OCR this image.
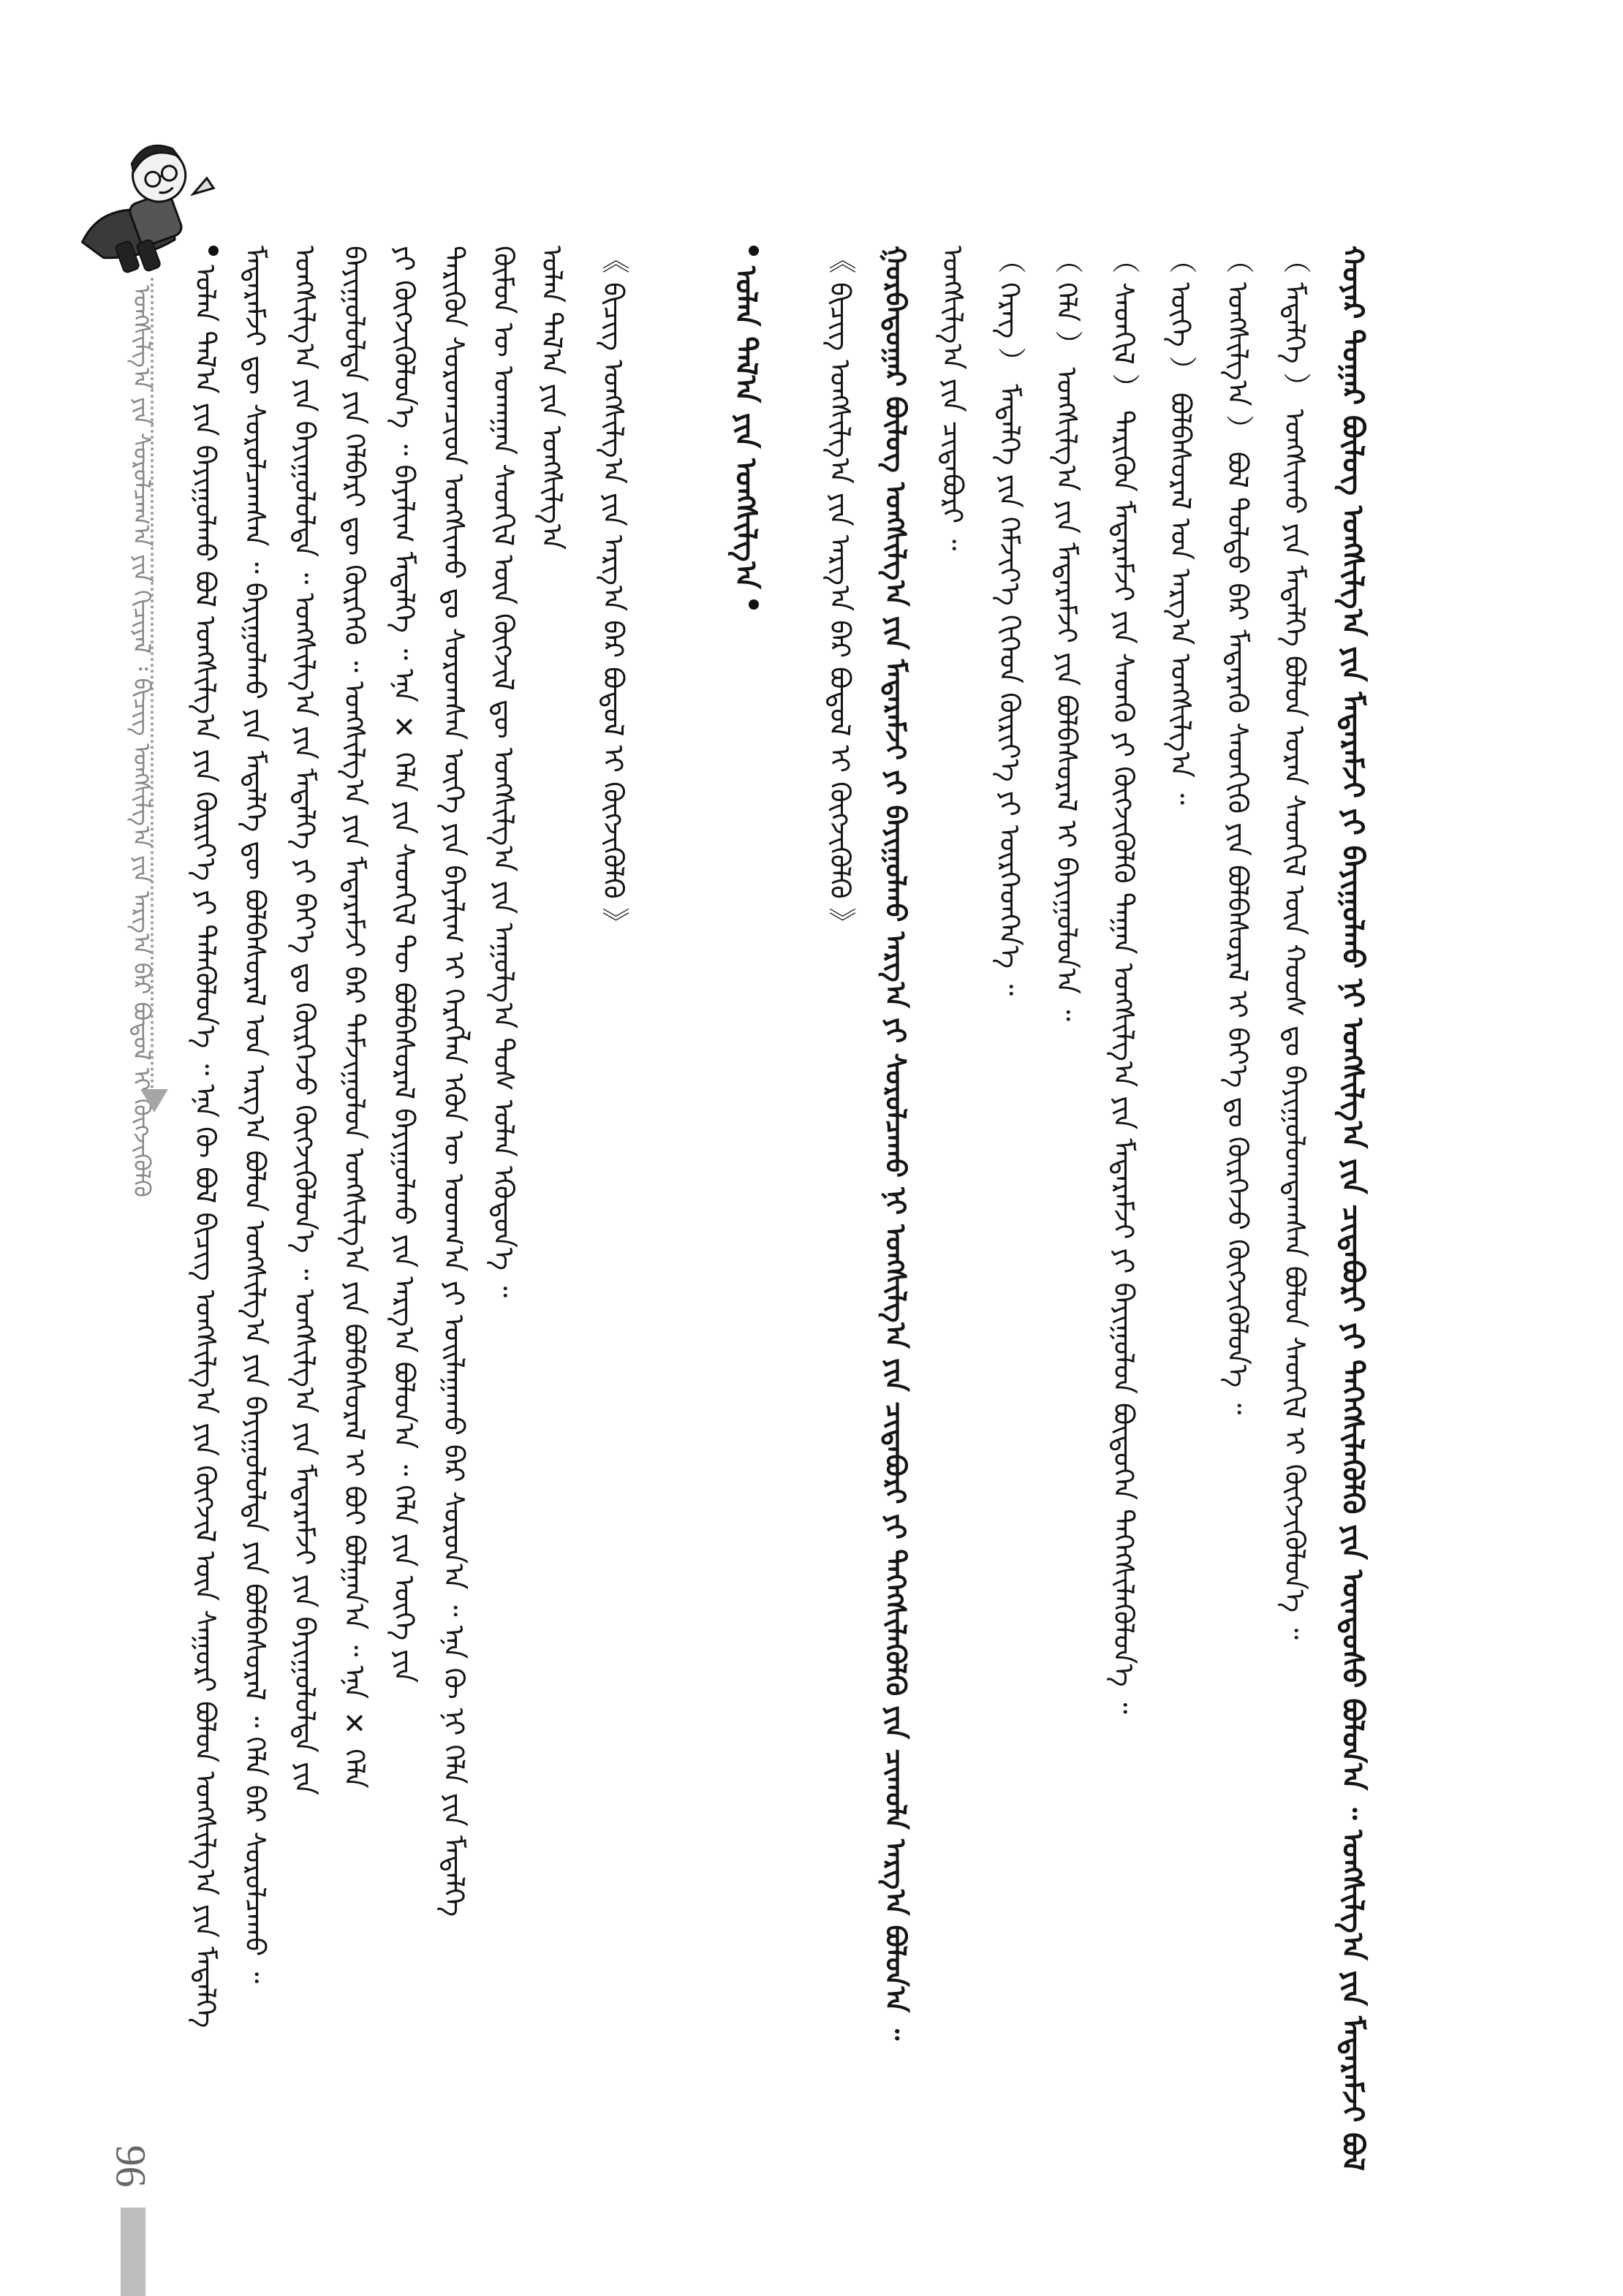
ᠤᠩᠰᠢᠯᠭ᠎ᠠ ᠶᠢᠨ ᠰᠤᠷᠤᠯᠴᠠᠭ᠎ᠠ ᠶᠢᠨ ᠬᠢᠴᠢᠶᠡᠯ ᠄ ᠪᠢᠴᠢᠭ ᠤᠩᠰᠢᠯᠭ᠎ᠠ ᠶᠢᠨ ᠠᠷᠭ᠎ᠠ ᠪᠠᠷ ᠪᠤᠳᠤᠯ ᠢ ᠬᠥᠭᠵᠢᠭᠦᠯᠬᠦ ᠣᠯᠠᠨ ᠲᠠᠯ᠎ᠠ ᠶᠢᠨ ᠪᠠᠶᠢᠭᠤᠯᠬᠤ ᠪᠣᠯ ᠤᠩᠰᠢᠯᠭ᠎ᠠ ᠶᠢᠨ ᠬᠦᠷᠢᠶ᠎ᠡ ᠶᠢ ᠲᠡᠯᠡᠭᠦᠯᠦᠨ᠎ᠡ ᠃ ᠡᠨᠡ ᠬᠦ ᠪᠣᠯ ᠪᠢᠴᠢᠭ ᠤᠩᠰᠢᠯᠭ᠎ᠠ ᠶᠢᠨ ᠬᠥᠭᠵᠢᠯ ᠦᠨ ᠰᠠᠭᠤᠷᠢ ᠪᠣᠯᠤᠨ ᠤᠩᠰᠢᠯᠭ᠎ᠠ ᠶᠢᠨ ᠮᠡᠳᠡᠯᠭᠡ ᠮᠡᠳᠡᠷᠡᠮᠵᠢ ᠳᠦ ᠰᠤᠷᠤᠯᠴᠠᠭᠰᠠᠨ ᠃ ᠪᠠᠶᠢᠭᠤᠯᠬᠤ ᠶᠢᠨ ᠮᠡᠳᠡᠯᠭᠡ ᠳᠦ ᠪᠣᠯᠪᠠᠰᠤᠷᠠᠯ ᠤᠨ ᠠᠷᠭ᠎ᠠ ᠪᠣᠯᠤᠨ ᠤᠩᠰᠢᠯᠭ᠎ᠠ ᠶᠢᠨ ᠪᠠᠶᠢᠭᠤᠯᠤᠯᠲᠠ ᠶᠢᠨ ᠪᠣᠯᠪᠠᠰᠤᠷᠠᠯ ᠃ ᠬᠡᠯᠡ ᠪᠡᠷ ᠰᠤᠷᠤᠯᠴᠠᠬᠤ ᠃ ᠤᠩᠰᠢᠯᠭ᠎ᠠ ᠶᠢᠨ ᠪᠠᠶᠢᠭᠤᠯᠤᠯᠲᠠ ᠃ ᠤᠩᠰᠢᠯᠭ᠎ᠠ ᠶᠢᠨ ᠮᠡᠳᠡᠯᠭᠡ ᠶᠢ ᠪᠡᠶ᠎ᠡ ᠳᠤ ᠬᠦᠷᠭᠡᠵᠦ ᠬᠥᠭᠵᠢᠭᠦᠯᠦᠨ᠎ᠡ ᠃ ᠤᠩᠰᠢᠯᠭ᠎ᠠ ᠶᠢᠨ ᠮᠡᠳᠡᠷᠡᠮᠵᠢ ᠶᠢᠨ ᠪᠠᠶᠢᠭᠤᠯᠤᠯᠲᠠ ᠶᠢᠨ ᠪᠠᠶᠢᠭᠤᠯᠤᠯᠲᠠ ᠶᠢᠨ ᠬᠡᠯᠪᠡᠷᠢ ᠳᠦ ᠬᠦᠷᠭᠡᠬᠦ ᠃ ᠤᠩᠰᠢᠯᠭ᠎ᠠ ᠶᠢᠨ ᠮᠡᠳᠡᠷᠡᠮᠵᠢ ᠪᠡᠷ ᠳᠠᠮᠵᠢᠭᠤᠯᠤᠨ ᠤᠩᠰᠢᠯᠭ᠎ᠠ ᠶᠢᠨ ᠪᠣᠯᠪᠠᠰᠤᠷᠠᠯ ᠢ ᠪᠤᠢ ᠪᠣᠯᠭᠠᠨ᠎ᠠ ᠃ ᠡᠨᠡ ✕ ᠬᠡᠯᠡ ᠶᠢ ᠬᠥᠭᠵᠢᠭᠦᠯᠦᠨ᠎ᠡ ᠃ ᠪᠠᠶᠠᠯᠢᠭ ᠮᠡᠳᠡᠯᠭᠡ ᠃ ᠡᠨᠡ ✕ ᠬᠡᠯᠡ ᠶᠢᠨ ᠰᠡᠳᠭᠢᠯ ᠲᠦ ᠪᠣᠯᠪᠠᠰᠤᠷᠠᠯ ᠪᠠᠶᠢᠭᠤᠯᠬᠤ ᠶᠢᠨ ᠠᠷᠭ᠎ᠠ ᠪᠣᠯᠤᠨ᠎ᠠ ᠃ ᠬᠡᠯᠡ ᠶᠢᠨ ᠦᠭᠡ ᠶᠢᠨ ᠲᠡᠷᠢᠭᠦᠨ ᠰᠤᠷᠤᠭᠴᠢᠳ ᠤᠩᠰᠢᠬᠤ ᠳᠤ ᠰᠤᠷᠤᠭᠰᠠᠨ ᠦᠭᠡ ᠶᠢᠨ ᠪᠠᠶᠠᠯᠢᠭ ᠢ ᠬᠡᠷᠡᠭᠯᠡᠨ ᠡᠭᠦᠨ ᠦ ᠤᠳᠬ᠎ᠠ ᠶᠢ ᠣᠢᠯᠠᠭᠠᠬᠤ ᠪᠠᠷ ᠰᠤᠷᠤᠨ᠎ᠠ ᠃ ᠡᠨᠡ ᠬᠦ ᠨᠢ ᠬᠡᠯᠡ ᠶᠢᠨ ᠮᠡᠳᠡᠯᠭᠡ ᠬᠦᠮᠦᠨ ᠦ ᠤᠬᠠᠭᠠᠨ ᠰᠡᠳᠭᠢᠯ ᠦᠨ ᠬᠥᠭᠵᠢᠯ ᠳᠦ ᠤᠩᠰᠢᠯᠭ᠎ᠠ ᠶᠢᠨ ᠠᠭᠤᠯᠭ᠎ᠠ ᠲᠤᠰ ᠤᠯᠠᠨ ᠡᠭᠦᠳᠦᠨ᠎ᠡ ᠃ ᠣᠯᠠᠨ ᠲᠠᠯ᠎ᠠ ᠶᠢᠨ ᠤᠩᠰᠢᠯᠭ᠎ᠠ 《 ᠪᠢᠴᠢᠭ ᠤᠩᠰᠢᠯᠭ᠎ᠠ ᠶᠢᠨ ᠠᠷᠭ᠎ᠠ ᠪᠠᠷ ᠪᠤᠳᠤᠯ ᠢ ᠬᠥᠭᠵᠢᠭᠦᠯᠬᠦ 》	ᠣᠯᠠᠨ ᠲᠠᠯ᠎ᠠ ᠶᠢᠨ ᠤᠩᠰᠢᠯᠭ᠎ᠠ 《 ᠪᠢᠴᠢᠭ ᠤᠩᠰᠢᠯᠭ᠎ᠠ ᠶᠢᠨ ᠠᠷᠭ᠎ᠠ ᠪᠠᠷ ᠪᠤᠳᠤᠯ ᠢ ᠬᠥᠭᠵᠢᠭᠦᠯᠬᠦ 》 ᠭᠤᠷᠪᠠᠳᠤᠭᠠᠷ ᠪᠦᠯᠦᠭ ᠤᠩᠰᠢᠯᠭ᠎ᠠ ᠶᠢᠨ ᠮᠡᠳᠡᠷᠡᠮᠵᠢ ᠶᠢ ᠪᠠᠶᠢᠭᠤᠯᠬᠤ ᠠᠷᠭ᠎ᠠ ᠶᠢ ᠰᠤᠷᠤᠯᠴᠠᠬᠤ ᠨᠢ ᠤᠩᠰᠢᠯᠭ᠎ᠠ ᠶᠢᠨ ᠴᠢᠳᠠᠪᠤᠷᠢ ᠶᠢ ᠳᠡᠭᠡᠭᠰᠢᠯᠡᠭᠦᠯᠬᠦ ᠶᠢᠨ ᠴᠢᠬᠤᠯᠠ ᠠᠷᠭ᠎ᠠ ᠪᠣᠯᠤᠨ᠎ᠠ ᠃ ᠤᠩᠰᠢᠯᠭ᠎ᠠ ᠶᠢᠨ ᠴᠢᠳᠠᠪᠤᠷᠢ ᠃ （ ᠬᠡᠷᠡᠭ ） ᠮᠡᠳᠡᠯᠭᠡ ᠶᠢᠨ ᠬᠡᠮᠵᠢᠶ᠎ᠡ ᠬᠢᠭᠡᠳ ᠬᠦᠷᠢᠶ᠎ᠡ ᠶᠢ ᠥᠷᠭᠡᠳᠬᠡᠨ᠎ᠡ ᠃ （ ᠬᠡᠯᠡ ） ᠤᠩᠰᠢᠯᠭ᠎ᠠ ᠶᠢᠨ ᠮᠡᠳᠡᠷᠡᠮᠵᠢ ᠶᠢᠨ ᠪᠣᠯᠪᠠᠰᠤᠷᠠᠯ ᠢ ᠪᠠᠶᠢᠭᠤᠯᠤᠨ᠎ᠠ ᠃ （ ᠰᠡᠳᠭᠢᠯ ） ᠲᠡᠷᠢᠭᠦᠨ ᠮᠡᠳᠡᠷᠡᠮᠵᠢ ᠶᠢᠨ ᠰᠡᠳᠬᠦ ᠶᠢ ᠬᠥᠭᠵᠢᠭᠦᠯᠬᠦ ᠳᠠᠭᠠᠨ ᠤᠩᠰᠢᠯᠭ᠎ᠠ ᠶᠢᠨ ᠮᠡᠳᠡᠷᠡᠮᠵᠢ ᠶᠢ ᠪᠠᠶᠢᠭᠤᠯᠤᠨ ᠪᠦᠲᠦᠭᠡᠨ ᠳᠡᠭᠡᠭᠰᠢᠯᠡᠭᠦᠯᠦᠨ᠎ᠡ ᠃ （ ᠦᠭᠡ ） ᠪᠣᠯᠪᠠᠰᠤᠷᠠᠯ ᠤᠨ ᠠᠷᠭ᠎ᠠ ᠤᠩᠰᠢᠯᠭ᠎ᠠ ᠃ （ ᠤᠩᠰᠢᠯᠭ᠎ᠠ ） ᠪᠣᠯ ᠳᠤᠯᠳᠤ ᠪᠡᠷ ᠮᠡᠳᠡᠷᠡᠬᠦ ᠰᠡᠳᠭᠢᠬᠦ ᠶᠢᠨ ᠪᠣᠯᠪᠠᠰᠤᠷᠠᠯ ᠢ ᠪᠡᠶ᠎ᠡ ᠳᠤ ᠬᠦᠷᠭᠡᠵᠦ ᠬᠥᠭᠵᠢᠭᠦᠯᠦᠨ᠎ᠡ ᠃ （ ᠮᠡᠳᠡᠯᠭᠡ ） ᠤᠩᠰᠢᠬᠤ ᠶᠢᠨ ᠮᠡᠳᠡᠯᠭᠡ ᠪᠣᠯᠤᠨ ᠤᠷᠠᠨ ᠰᠡᠳᠭᠢᠯ ᠦᠨ ᠬᠣᠣᠰ ᠳᠤ ᠪᠠᠶᠢᠭᠤᠯᠤᠭᠳᠠᠭᠰᠠᠨ ᠪᠣᠯᠤᠨ ᠰᠡᠳᠭᠢᠯ ᠢ ᠬᠥᠭᠵᠢᠭᠦᠯᠦᠨ᠎ᠡ ᠃ ᠬᠣᠶᠠᠷ ᠳᠤᠭᠠᠷ ᠪᠦᠯᠦᠭ ᠤᠩᠰᠢᠯᠭ᠎ᠠ ᠶᠢᠨ ᠮᠡᠳᠡᠷᠡᠮᠵᠢ ᠶᠢ ᠪᠠᠶᠢᠭᠤᠯᠬᠤ ᠨᠢ ᠤᠩᠰᠢᠯᠭ᠎ᠠ ᠶᠢᠨ ᠴᠢᠳᠠᠪᠤᠷᠢ ᠶᠢ ᠳᠡᠭᠡᠭᠰᠢᠯᠡᠭᠦᠯᠬᠦ ᠶᠢᠨ ᠦᠨᠳᠦᠰᠦ ᠪᠣᠯᠤᠨ᠎ᠠ ᠃ ᠤᠩᠰᠢᠯᠭ᠎ᠠ ᠶᠢᠨ ᠮᠡᠳᠡᠷᠡᠮᠵᠢ ᠪᠣᠯ
96
